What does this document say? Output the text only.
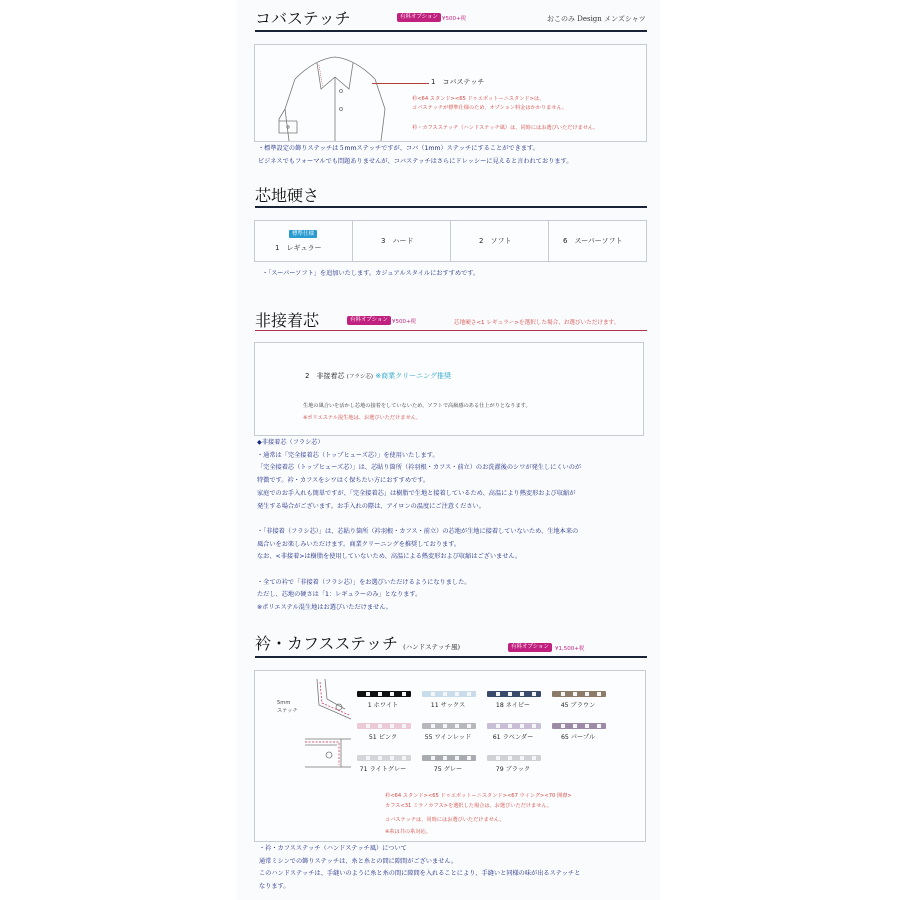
コバステッチ	有料オプション ¥500+税	おこのみ Design メンズシャツ
1　コバステッチ
衿<64 スタンド><65 ドゥエボットーニスタンド>は、
コバステッチが標準仕様のため、オプション料金はかかりません。
衿・カフスステッチ（ハンドステッチ風）は、同時にはお選びいただけません。
・標準設定の飾りステッチは５mmステッチですが、コバ（1mm）ステッチにすることができます。
ビジネスでもフォーマルでも問題ありませんが、コバステッチはさらにドレッシーに見えると言われております。
芯地硬さ
標準仕様
1　レギュラー
3　ハード	2　ソフト	6　スーパーソフト
・「スーパーソフト」を追加いたします。カジュアルスタイルにおすすめです。
非接着芯	有料オプション ¥500+税	芯地硬さ<1 レギュラー>を選択した場合、お選びいただけます。
2　非接着芯 (フラシ芯) ※商業クリーニング推奨
生地の風合いを活かし芯地の接着をしていないため、ソフトで高級感のある仕上がりとなります。
※ポリエステル混生地は、お選びいただけません。
◆非接着芯（フラシ芯）
・通常は「完全接着芯（トップヒューズ芯）」を使用いたします。
「完全接着芯（トップヒューズ芯）」は、芯貼り箇所（衿羽根・カフス・前立）のお洗濯後のシワが発生しにくいのが
特徴です。衿・カフスをシワはく保ちたい方におすすめです。
家庭でのお手入れも簡単ですが、「完全接着芯」は樹脂で生地と接着しているため、高温により熱変形および収縮が
発生する場合がございます。お手入れの際は、アイロンの温度にご注意ください。
・「非接着（フラシ芯）」は、芯貼り箇所（衿羽根・カフス・前立）の芯地が生地に接着していないため、生地本来の
風合いをお楽しみいただけます。商業クリーニングを推奨しております。
なお、<非接着>は樹脂を使用していないため、高温による熱変形および収縮はございません。
・全ての衿で「非接着（フラシ芯）」をお選びいただけるようになりました。
ただし、芯地の硬さは「1：レギュラーのみ」となります。
※ポリエステル混生地はお選びいただけません。
衿・カフスステッチ (ハンドステッチ風)	有料オプション	¥1,500+税
5mm
ステッチ
1 ホワイト	11 サックス	18 ネイビー	45 ブラウン
51 ピンク	55 ワインレッド	61 ラベンダー	65 パープル
71 ライトグレー	75 グレー	79 ブラック
衿<64 スタンド><65 ドゥエボットーニスタンド><67 ウイング><70 開襟>
カフス<31 ミラノカフス>を選択した場合は、お選びいただけません。
コバステッチは、同時にはお選びいただけません。
※糸は共の糸対応。
・衿・カフスステッチ（ハンドステッチ風）について
通常ミシンでの飾りステッチは、糸と糸との間に隙間がございません。
このハンドステッチは、手縫いのように糸と糸の間に隙間を入れることにより、手縫いと同様の味が出るステッチと
なります。
